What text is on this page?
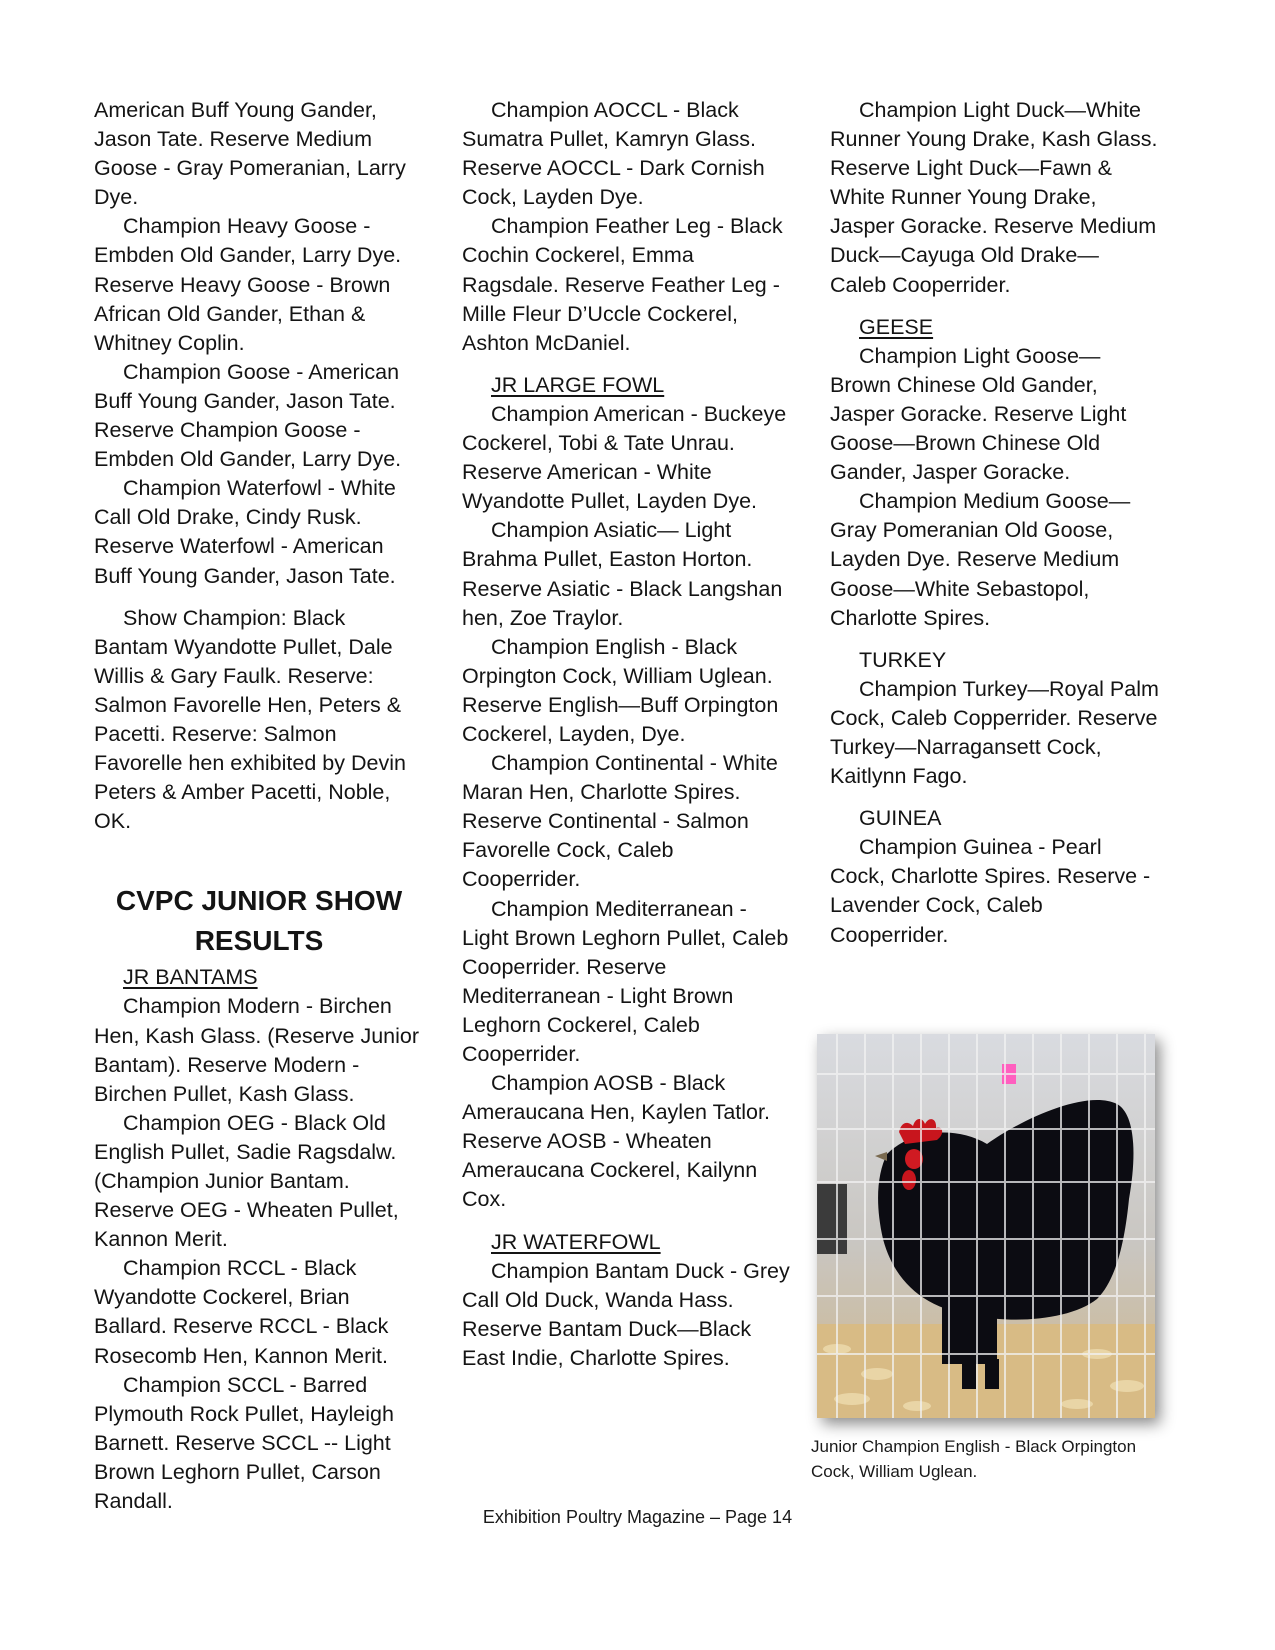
American Buff Young Gander, Jason Tate. Reserve Medium Goose - Gray Pomeranian, Larry Dye.

Champion Heavy Goose - Embden Old Gander, Larry Dye. Reserve Heavy Goose - Brown African Old Gander, Ethan & Whitney Coplin.

Champion Goose - American Buff Young Gander, Jason Tate. Reserve Champion Goose - Embden Old Gander, Larry Dye.

Champion Waterfowl - White Call Old Drake, Cindy Rusk. Reserve Waterfowl - American Buff Young Gander, Jason Tate.

Show Champion: Black Bantam Wyandotte Pullet, Dale Willis & Gary Faulk. Reserve: Salmon Favorelle Hen, Peters & Pacetti. Reserve: Salmon Favorelle hen exhibited by Devin Peters & Amber Pacetti, Noble, OK.

CVPC JUNIOR SHOW RESULTS

JR BANTAMS

Champion Modern - Birchen Hen, Kash Glass. (Reserve Junior Bantam). Reserve Modern - Birchen Pullet, Kash Glass.

Champion OEG - Black Old English Pullet, Sadie Ragsdalw. (Champion Junior Bantam. Reserve OEG - Wheaten Pullet, Kannon Merit.

Champion RCCL - Black Wyandotte Cockerel, Brian Ballard. Reserve RCCL - Black Rosecomb Hen, Kannon Merit.

Champion SCCL - Barred Plymouth Rock Pullet, Hayleigh Barnett. Reserve SCCL -- Light Brown Leghorn Pullet, Carson Randall.

Champion AOCCL - Black Sumatra Pullet, Kamryn Glass. Reserve AOCCL - Dark Cornish Cock, Layden Dye.

Champion Feather Leg - Black Cochin Cockerel, Emma Ragsdale. Reserve Feather Leg - Mille Fleur D’Uccle Cockerel, Ashton McDaniel.

JR LARGE FOWL

Champion American - Buckeye Cockerel, Tobi & Tate Unrau. Reserve American - White Wyandotte Pullet, Layden Dye.

Champion Asiatic— Light Brahma Pullet, Easton Horton. Reserve Asiatic - Black Langshan hen, Zoe Traylor.

Champion English - Black Orpington Cock, William Uglean. Reserve English—Buff Orpington Cockerel, Layden, Dye.

Champion Continental - White Maran Hen, Charlotte Spires. Reserve Continental - Salmon Favorelle Cock, Caleb Cooperrider.

Champion Mediterranean - Light Brown Leghorn Pullet, Caleb Cooperrider. Reserve Mediterranean - Light Brown Leghorn Cockerel, Caleb Cooperrider.

Champion AOSB - Black Ameraucana Hen, Kaylen Tatlor. Reserve AOSB - Wheaten Ameraucana Cockerel, Kailynn Cox.

JR WATERFOWL

Champion Bantam Duck - Grey Call Old Duck, Wanda Hass. Reserve Bantam Duck—Black East Indie, Charlotte Spires.

Champion Light Duck—White Runner Young Drake, Kash Glass. Reserve Light Duck—Fawn & White Runner Young Drake, Jasper Goracke. Reserve Medium Duck—Cayuga Old Drake— Caleb Cooperrider.

GEESE

Champion Light Goose—Brown Chinese Old Gander, Jasper Goracke. Reserve Light Goose—Brown Chinese Old Gander, Jasper Goracke.

Champion Medium Goose—Gray Pomeranian Old Goose, Layden Dye. Reserve Medium Goose—White Sebastopol, Charlotte Spires.

TURKEY

Champion Turkey—Royal Palm Cock, Caleb Copperrider. Reserve Turkey—Narragansett Cock, Kaitlynn Fago.

GUINEA

Champion Guinea - Pearl Cock, Charlotte Spires. Reserve - Lavender Cock, Caleb Cooperrider.

Junior Champion English - Black Orpington Cock, William Uglean.
Exhibition Poultry Magazine – Page 14
